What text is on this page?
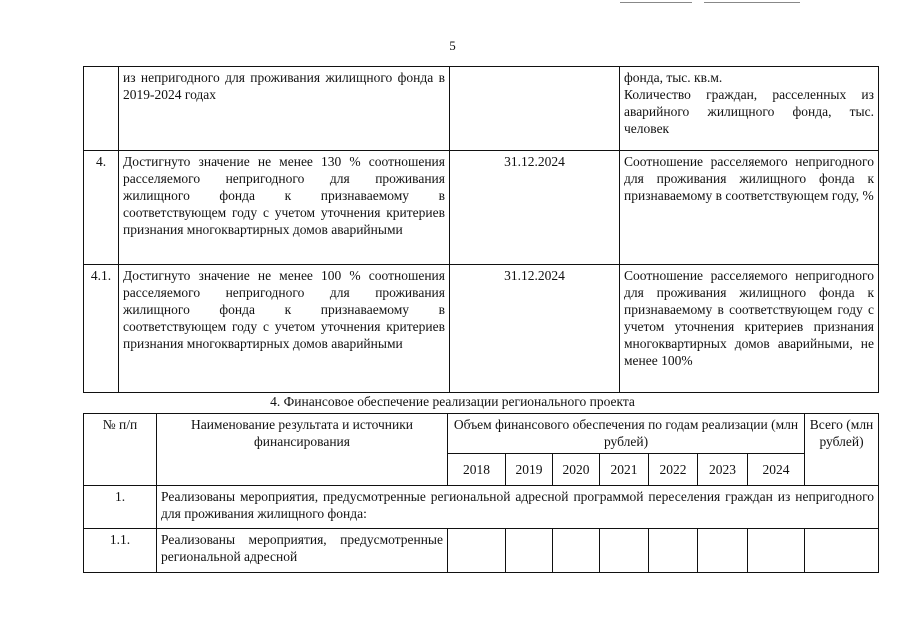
5
	из непригодного для проживания жилищного фонда в 2019-2024 годах		фонда, тыс. кв.м.
Количество граждан, расселенных из аварийного жилищного фонда, тыс. человек

4.	Достигнуто значение не менее 130 % соотношения расселяемого непригодного для проживания жилищного фонда к признаваемому в соответствующем году с учетом уточнения критериев признания многоквартирных домов аварийными	31.12.2024	Соотношение расселяемого непригодного для проживания жилищного фонда к признаваемому в соответствующем году, %

4.1.	Достигнуто значение не менее 100 % соотношения расселяемого непригодного для проживания жилищного фонда к признаваемому в соответствующем году с учетом уточнения критериев признания многоквартирных домов аварийными	31.12.2024	Соотношение расселяемого непригодного для проживания жилищного фонда к признаваемому в соответствующем году с учетом уточнения критериев признания многоквартирных домов аварийными, не менее 100%
4. Финансовое обеспечение реализации регионального проекта
№ п/п	Наименование результата и источники финансирования	Объем финансового обеспечения по годам реализации (млн рублей)							Всего (млн рублей)
		2018	2019	2020	2021	2022	2023	2024	
1.	Реализованы мероприятия, предусмотренные региональной адресной программой переселения граждан из непригодного для проживания жилищного фонда:								
1.1.	Реализованы мероприятия, предусмотренные региональной адресной								
